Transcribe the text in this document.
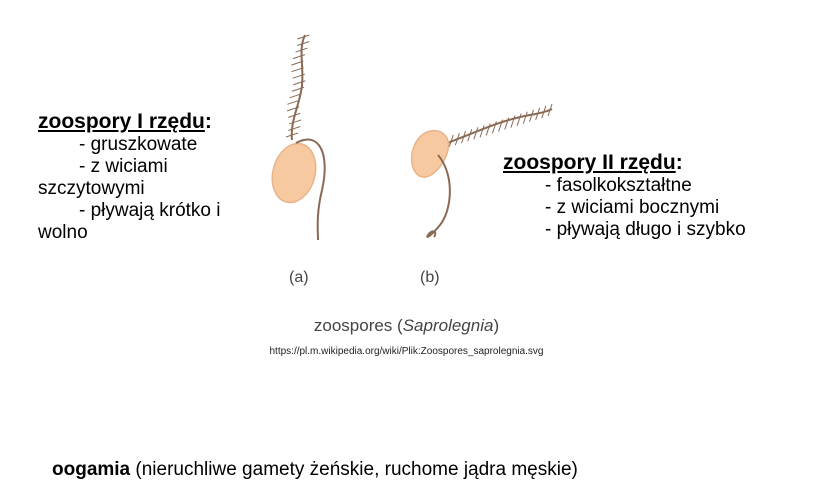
zoospory I rzędu:
- gruszkowate
- z wiciami
szczytowymi
- pływają krótko i
wolno
zoospory II rzędu:
- fasolkokształtne
- z wiciami bocznymi
- pływają długo i szybko
(a)	(b)
zoospores (Saprolegnia)
https://pl.m.wikipedia.org/wiki/Plik:Zoospores_saprolegnia.svg
oogamia (nieruchliwe gamety żeńskie, ruchome jądra męskie)
